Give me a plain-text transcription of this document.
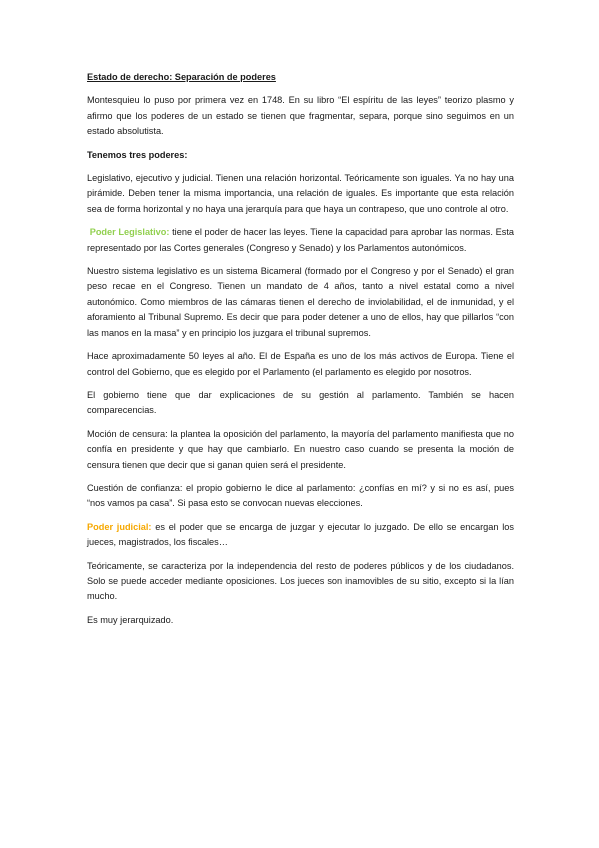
Estado de derecho: Separación de poderes

Montesquieu lo puso por primera vez en 1748. En su libro “El espíritu de las leyes” teorizo plasmo y afirmo que los poderes de un estado se tienen que fragmentar, separa, porque sino seguimos en un estado absolutista.

Tenemos tres poderes:

Legislativo, ejecutivo y judicial. Tienen una relación horizontal. Teóricamente son iguales. Ya no hay una pirámide. Deben tener la misma importancia, una relación de iguales. Es importante que esta relación sea de forma horizontal y no haya una jerarquía para que haya un contrapeso, que uno controle al otro.

Poder Legislativo: tiene el poder de hacer las leyes. Tiene la capacidad para aprobar las normas. Esta representado por las Cortes generales (Congreso y Senado) y los Parlamentos autonómicos.

Nuestro sistema legislativo es un sistema Bicameral (formado por el Congreso y por el Senado) el gran peso recae en el Congreso. Tienen un mandato de 4 años, tanto a nivel estatal como a nivel autonómico. Como miembros de las cámaras tienen el derecho de inviolabilidad, el de inmunidad, y el aforamiento al Tribunal Supremo. Es decir que para poder detener a uno de ellos, hay que pillarlos “con las manos en la masa” y en principio los juzgara el tribunal supremos.

Hace aproximadamente 50 leyes al año. El de España es uno de los más activos de Europa. Tiene el control del Gobierno, que es elegido por el Parlamento (el parlamento es elegido por nosotros.

El gobierno tiene que dar explicaciones de su gestión al parlamento. También se hacen comparecencias.

Moción de censura: la plantea la oposición del parlamento, la mayoría del parlamento manifiesta que no confía en presidente y que hay que cambiarlo. En nuestro caso cuando se presenta la moción de censura tienen que decir que si ganan quien será el presidente.

Cuestión de confianza: el propio gobierno le dice al parlamento: ¿confías en mí? y si no es así, pues “nos vamos pa casa”. Si pasa esto se convocan nuevas elecciones.

Poder judicial: es el poder que se encarga de juzgar y ejecutar lo juzgado. De ello se encargan los jueces, magistrados, los fiscales…

Teóricamente, se caracteriza por la independencia del resto de poderes públicos y de los ciudadanos. Solo se puede acceder mediante oposiciones. Los jueces son inamovibles de su sitio, excepto si la lían mucho.

Es muy jerarquizado.
